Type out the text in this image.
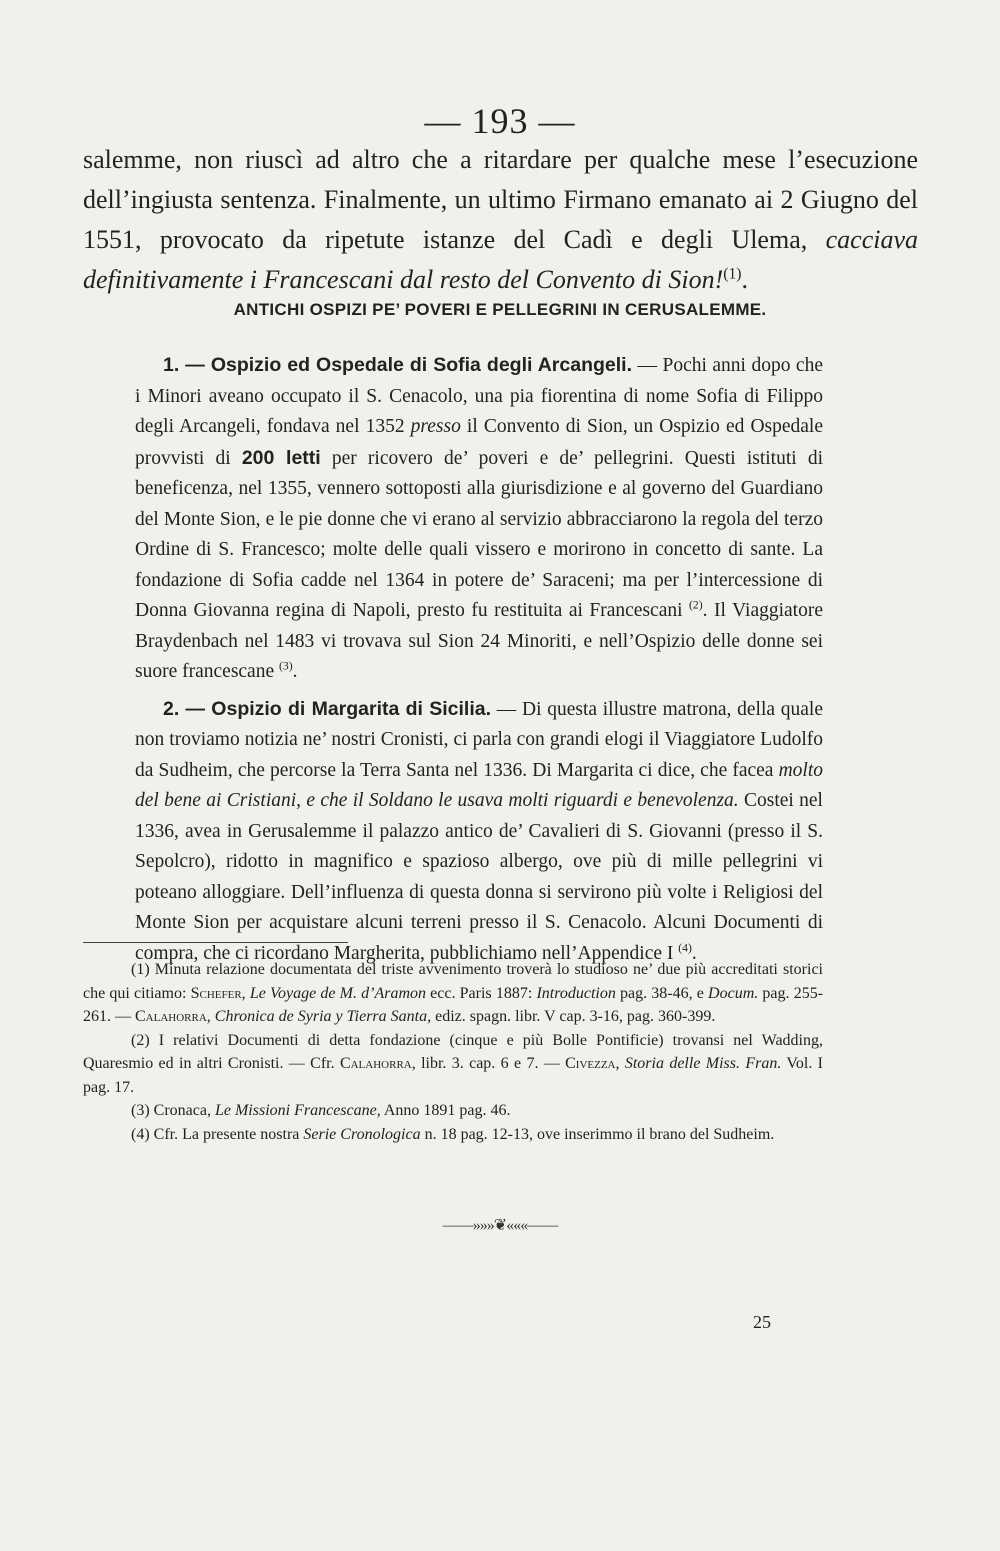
— 193 —
salemme, non riuscì ad altro che a ritardare per qualche mese l’esecuzione dell’ingiusta sentenza. Finalmente, un ultimo Firmano emanato ai 2 Giugno del 1551, provocato da ripetute istanze del Cadì e degli Ulema, cacciava definitivamente i Francescani dal resto del Convento di Sion!$^{(1)}$.
ANTICHI OSPIZI PE’ POVERI E PELLEGRINI IN CERUSALEMME.

1. — Ospizio ed Ospedale di Sofia degli Arcangeli. — Pochi anni dopo che i Minori aveano occupato il S. Cenacolo, una pia fiorentina di nome Sofia di Filippo degli Arcangeli, fondava nel 1352 presso il Convento di Sion, un Ospizio ed Ospedale provvisti di 200 letti per ricovero de’ poveri e de’ pellegrini. Questi istituti di beneficenza, nel 1355, vennero sottoposti alla giurisdizione e al governo del Guardiano del Monte Sion, e le pie donne che vi erano al servizio abbracciarono la regola del terzo Ordine di S. Francesco; molte delle quali vissero e morirono in concetto di sante. La fondazione di Sofia cadde nel 1364 in potere de’ Saraceni; ma per l’intercessione di Donna Giovanna regina di Napoli, presto fu restituita ai Francescani $^{(2)}$. Il Viaggiatore Braydenbach nel 1483 vi trovava sul Sion 24 Minoriti, e nell’Ospizio delle donne sei suore francescane $^{(3)}$.

2. — Ospizio di Margarita di Sicilia. — Di questa illustre matrona, della quale non troviamo notizia ne’ nostri Cronisti, ci parla con grandi elogi il Viaggiatore Ludolfo da Sudheim, che percorse la Terra Santa nel 1336. Di Margarita ci dice, che facea molto del bene ai Cristiani, e che il Soldano le usava molti riguardi e benevolenza. Costei nel 1336, avea in Gerusalemme il palazzo antico de’ Cavalieri di S. Giovanni (presso il S. Sepolcro), ridotto in magnifico e spazioso albergo, ove più di mille pellegrini vi poteano alloggiare. Dell’influenza di questa donna si servirono più volte i Religiosi del Monte Sion per acquistare alcuni terreni presso il S. Cenacolo. Alcuni Documenti di compra, che ci ricordano Margherita, pubblichiamo nell’Appendice I $^{(4)}$.

(1) Minuta relazione documentata del triste avvenimento troverà lo studioso ne’ due più accreditati storici che qui citiamo: Schefer, Le Voyage de M. d’Aramon ecc. Paris 1887: Introduction pag. 38-46, e Docum. pag. 255-261. — Calahorra, Chronica de Syria y Tierra Santa, ediz. spagn. libr. V cap. 3-16, pag. 360-399.

(2) I relativi Documenti di detta fondazione (cinque e più Bolle Pontificie) trovansi nel Wadding, Quaresmio ed in altri Cronisti. — Cfr. Calahorra, libr. 3. cap. 6 e 7. — Civezza, Storia delle Miss. Fran. Vol. I pag. 17.

(3) Cronaca, Le Missioni Francescane, Anno 1891 pag. 46.

(4) Cfr. La presente nostra Serie Cronologica n. 18 pag. 12-13, ove inserimmo il brano del Sudheim.

——»»»❦«««——
25
